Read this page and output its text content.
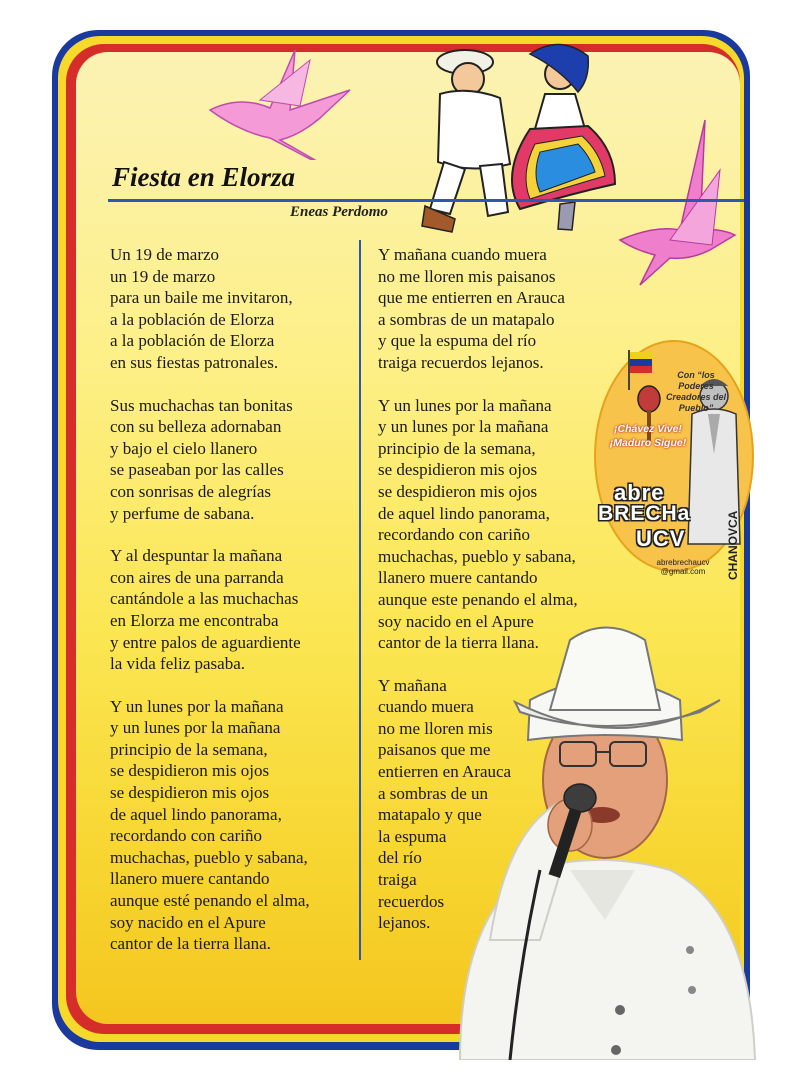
Fiesta en Elorza
Eneas Perdomo

Un 19 de marzo
un 19 de marzo
para un baile me invitaron,
a la población de Elorza
a la población de Elorza
en sus fiestas patronales.

Sus muchachas tan bonitas
con su belleza adornaban
y bajo el cielo llanero
se paseaban por las calles
con sonrisas de alegrías
y perfume de sabana.

Y al despuntar la mañana
con aires de una parranda
cantándole a las muchachas
en Elorza me encontraba
y entre palos de aguardiente
la vida feliz pasaba.

Y un lunes por la mañana
y un lunes por la mañana
principio de la semana,
se despidieron mis ojos
se despidieron mis ojos
de aquel lindo panorama,
recordando con cariño
muchachas, pueblo y sabana,
llanero muere cantando
aunque esté penando el alma,
soy nacido en el Apure
cantor de la tierra llana.

Y mañana cuando muera
no me lloren mis paisanos
que me entierren en Arauca
a sombras de un matapalo
y que la espuma del río
traiga recuerdos lejanos.

Y un lunes por la mañana
y un lunes por la mañana
principio de la semana,
se despidieron mis ojos
se despidieron mis ojos
de aquel lindo panorama,
recordando con cariño
muchachas, pueblo y sabana,
llanero muere cantando
aunque este penando el alma,
soy nacido en el Apure
cantor de la tierra llana.

Y mañana
cuando muera
no me lloren mis
paisanos que me
entierren en Arauca
a sombras de un
matapalo y que
la espuma
del río
traiga
recuerdos
lejanos.

Con “los Poderes Creadores del Pueblo”
¡Chávez Vive!
¡Maduro Sigue!
abre
BRECHa
UCV
abrebrechaucv
@gmail.com	CHANOVCA
